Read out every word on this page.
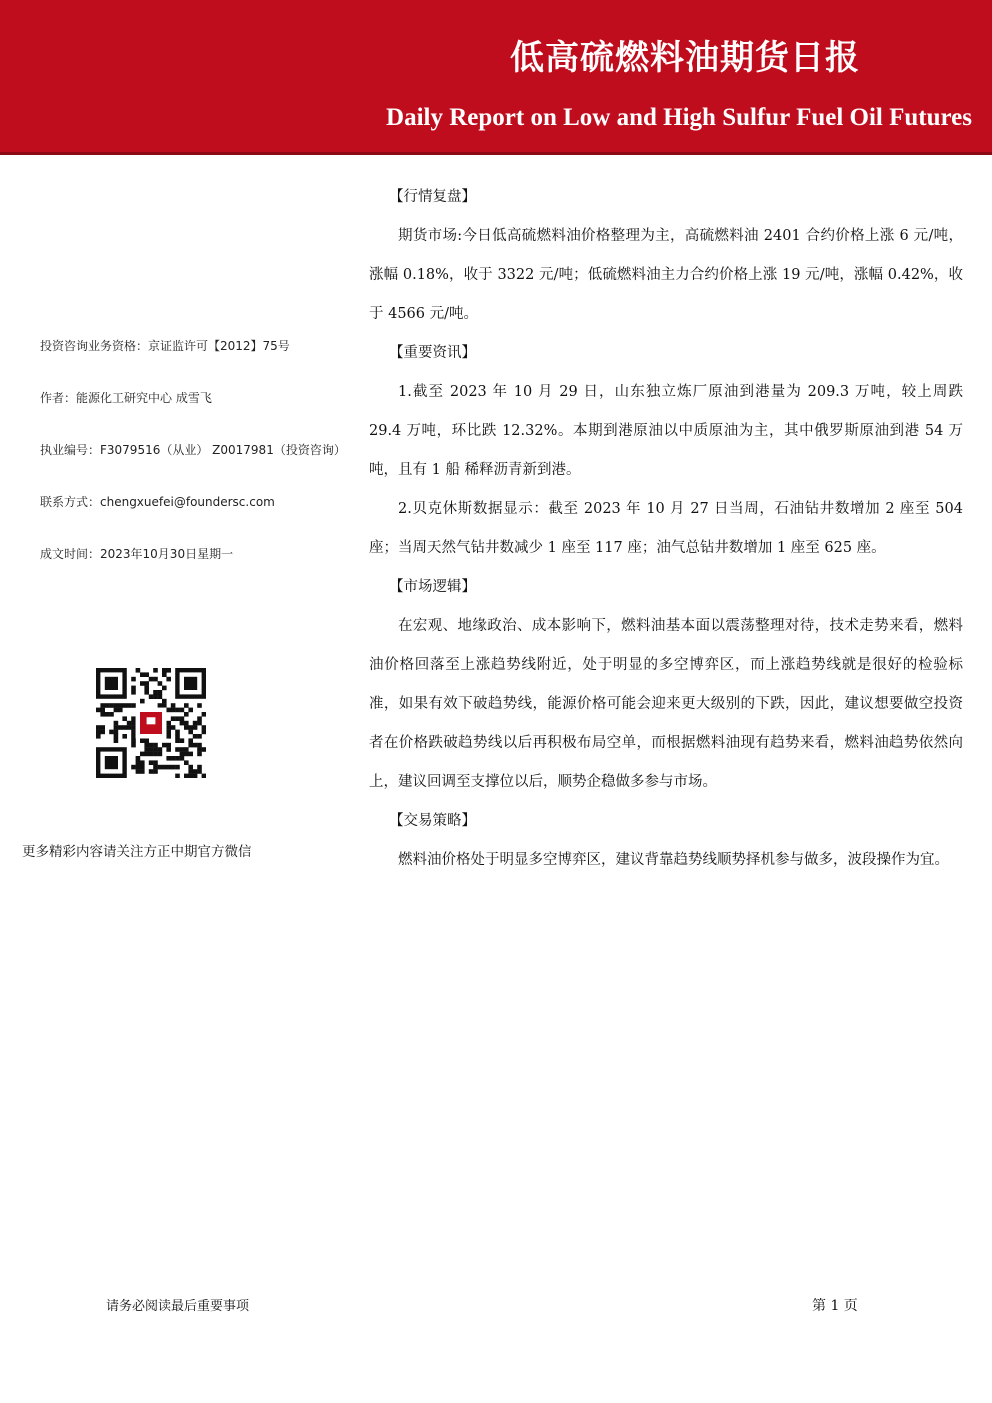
低高硫燃料油期货日报
Daily Report on Low and High Sulfur Fuel Oil Futures
投资咨询业务资格：京证监许可【2012】75号
作者：能源化工研究中心 成雪飞
执业编号：F3079516（从业） Z0017981（投资咨询）
联系方式：chengxuefei@foundersc.com
成文时间：2023年10月30日星期一
更多精彩内容请关注方正中期官方微信
【行情复盘】

期货市场:今日低高硫燃料油价格整理为主，高硫燃料油 2401 合约价格上涨 6 元/吨，涨幅 0.18%，收于 3322 元/吨；低硫燃料油主力合约价格上涨 19 元/吨，涨幅 0.42%，收于 4566 元/吨。

【重要资讯】

1.截至 2023 年 10 月 29 日，山东独立炼厂原油到港量为 209.3 万吨，较上周跌 29.4 万吨，环比跌 12.32%。本期到港原油以中质原油为主，其中俄罗斯原油到港 54 万吨，且有 1 船 稀释沥青新到港。

2.贝克休斯数据显示：截至 2023 年 10 月 27 日当周，石油钻井数增加 2 座至 504 座；当周天然气钻井数减少 1 座至 117 座；油气总钻井数增加 1 座至 625 座。

【市场逻辑】

在宏观、地缘政治、成本影响下，燃料油基本面以震荡整理对待，技术走势来看，燃料油价格回落至上涨趋势线附近，处于明显的多空博弈区，而上涨趋势线就是很好的检验标准，如果有效下破趋势线，能源价格可能会迎来更大级别的下跌，因此，建议想要做空投资者在价格跌破趋势线以后再积极布局空单，而根据燃料油现有趋势来看，燃料油趋势依然向上，建议回调至支撑位以后，顺势企稳做多参与市场。

【交易策略】

燃料油价格处于明显多空博弈区，建议背靠趋势线顺势择机参与做多，波段操作为宜。

请务必阅读最后重要事项	第 1 页
